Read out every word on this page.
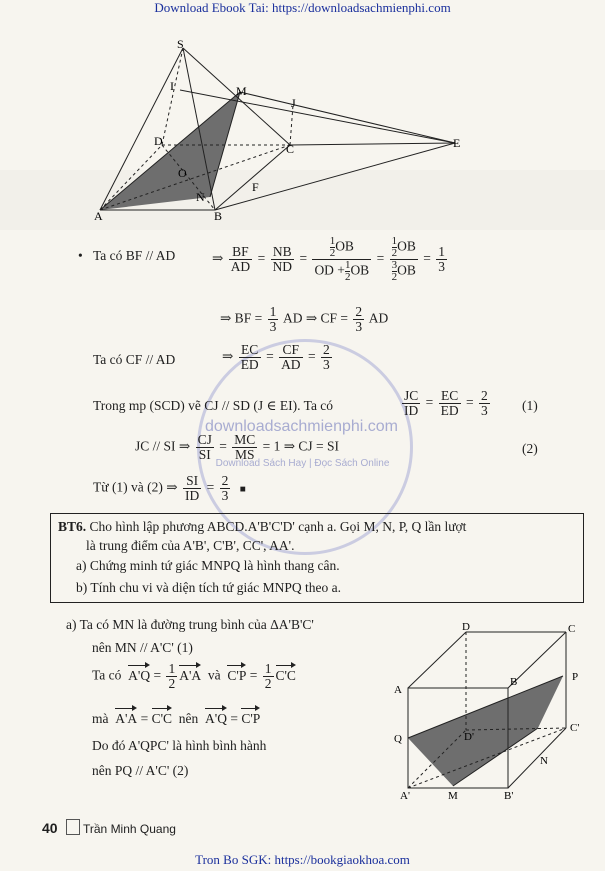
Download Ebook Tai: https://downloadsachmienphi.com
Tron Bo SGK: https://bookgiaokhoa.com
downloadsachmienphi.com
Download Sách Hay | Đọc Sách Online
S
I	M
J
D
C	E
O
F
N
A	B
• Ta có BF // AD	⇒ $\frac{BF}{AD} = \frac{NB}{ND} = \frac{\frac{1}{2} OB}{OD + \frac{1}{2} OB} = \frac{\frac{1}{2} OB}{\frac{3}{2} OB} = \frac{1}{3}$
⇒ BF = $\frac{1}{3}$ AD ⇒ CF = $\frac{2}{3}$ AD
Ta có CF // AD	⇒ $\frac{EC}{ED} = \frac{CF}{AD} = \frac{2}{3}$
Trong mp (SCD) vẽ CJ // SD (J ∈ EI). Ta có	$\frac{JC}{ID} = \frac{EC}{ED} = \frac{2}{3} (1)$
JC // SI ⇒ $\frac{CJ}{SI} = \frac{MC}{MS} = 1$ ⇒ CJ = SI	(2)
Từ (1) và (2) ⇒ $\frac{SI}{ID} = \frac{2}{3}$ ■
BT6. Cho hình lập phương ABCD.A'B'C'D' cạnh a. Gọi M, N, P, Q lần lượt
là trung điểm của A'B', C'B', CC', AA'.
a) Chứng minh tứ giác MNPQ là hình thang cân.
b) Tính chu vi và diện tích tứ giác MNPQ theo a.
a) Ta có MN là đường trung bình của ΔA'B'C'
nên MN // A'C' (1)
Ta có $A'Q = \frac{1}{2} A'A$ và $C'P = \frac{1}{2} C'C$
mà A'A = C'C nên A'Q = C'P
Do đó A'QPC' là hình bình hành
nên PQ // A'C' (2)
D	C
A
B	P
Q	D'
C'
N
A'	M	B'
40 Trần Minh Quang
